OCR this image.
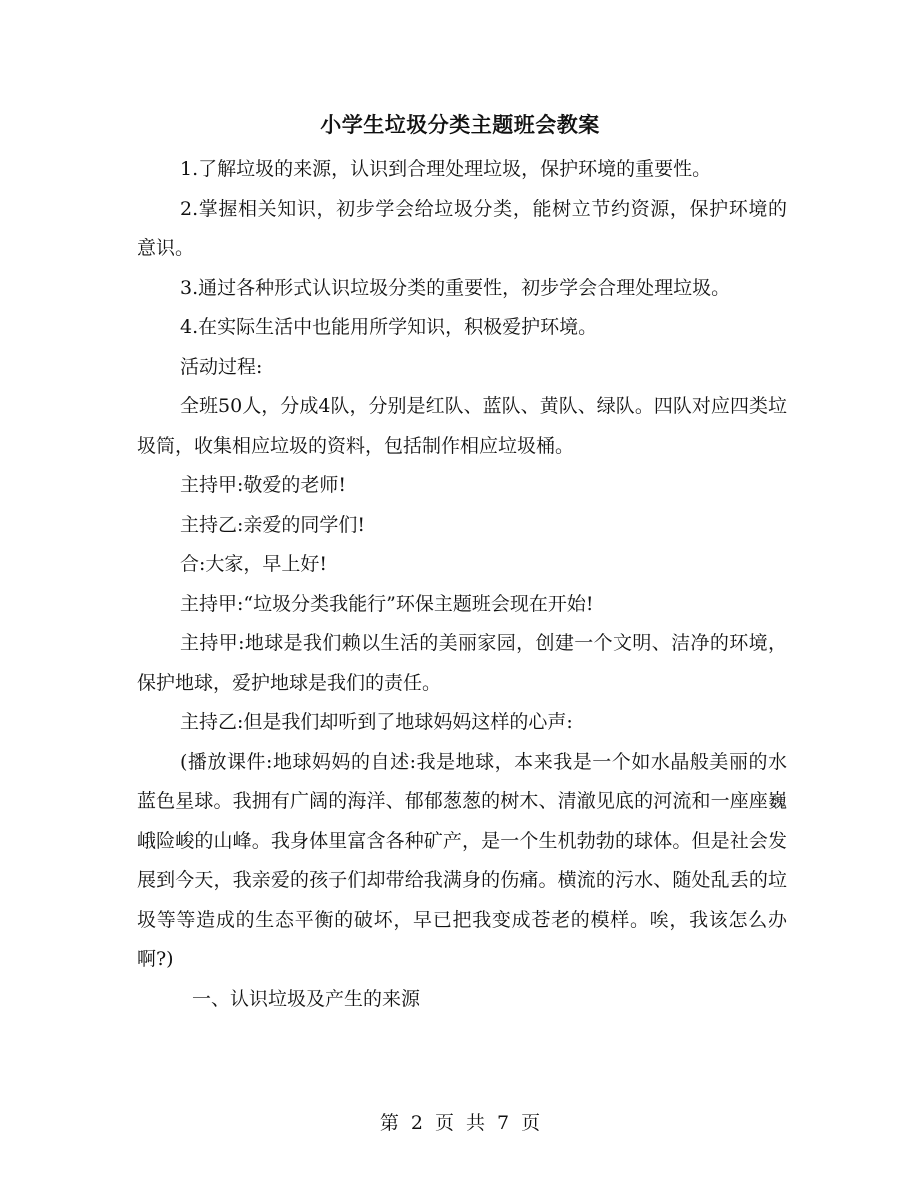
小学生垃圾分类主题班会教案

1.了解垃圾的来源，认识到合理处理垃圾，保护环境的重要性。

2.掌握相关知识，初步学会给垃圾分类，能树立节约资源，保护环境的意识。

3.通过各种形式认识垃圾分类的重要性，初步学会合理处理垃圾。

4.在实际生活中也能用所学知识，积极爱护环境。

活动过程:

全班50人，分成4队，分别是红队、蓝队、黄队、绿队。四队对应四类垃圾筒，收集相应垃圾的资料，包括制作相应垃圾桶。

主持甲:敬爱的老师!

主持乙:亲爱的同学们!

合:大家，早上好!

主持甲:“垃圾分类我能行”环保主题班会现在开始!

主持甲:地球是我们赖以生活的美丽家园，创建一个文明、洁净的环境，保护地球，爱护地球是我们的责任。

主持乙:但是我们却听到了地球妈妈这样的心声:

(播放课件:地球妈妈的自述:我是地球，本来我是一个如水晶般美丽的水蓝色星球。我拥有广阔的海洋、郁郁葱葱的树木、清澈见底的河流和一座座巍峨险峻的山峰。我身体里富含各种矿产，是一个生机勃勃的球体。但是社会发展到今天，我亲爱的孩子们却带给我满身的伤痛。横流的污水、随处乱丢的垃圾等等造成的生态平衡的破坏，早已把我变成苍老的模样。唉，我该怎么办啊?)

一、认识垃圾及产生的来源

第 2 页 共 7 页
